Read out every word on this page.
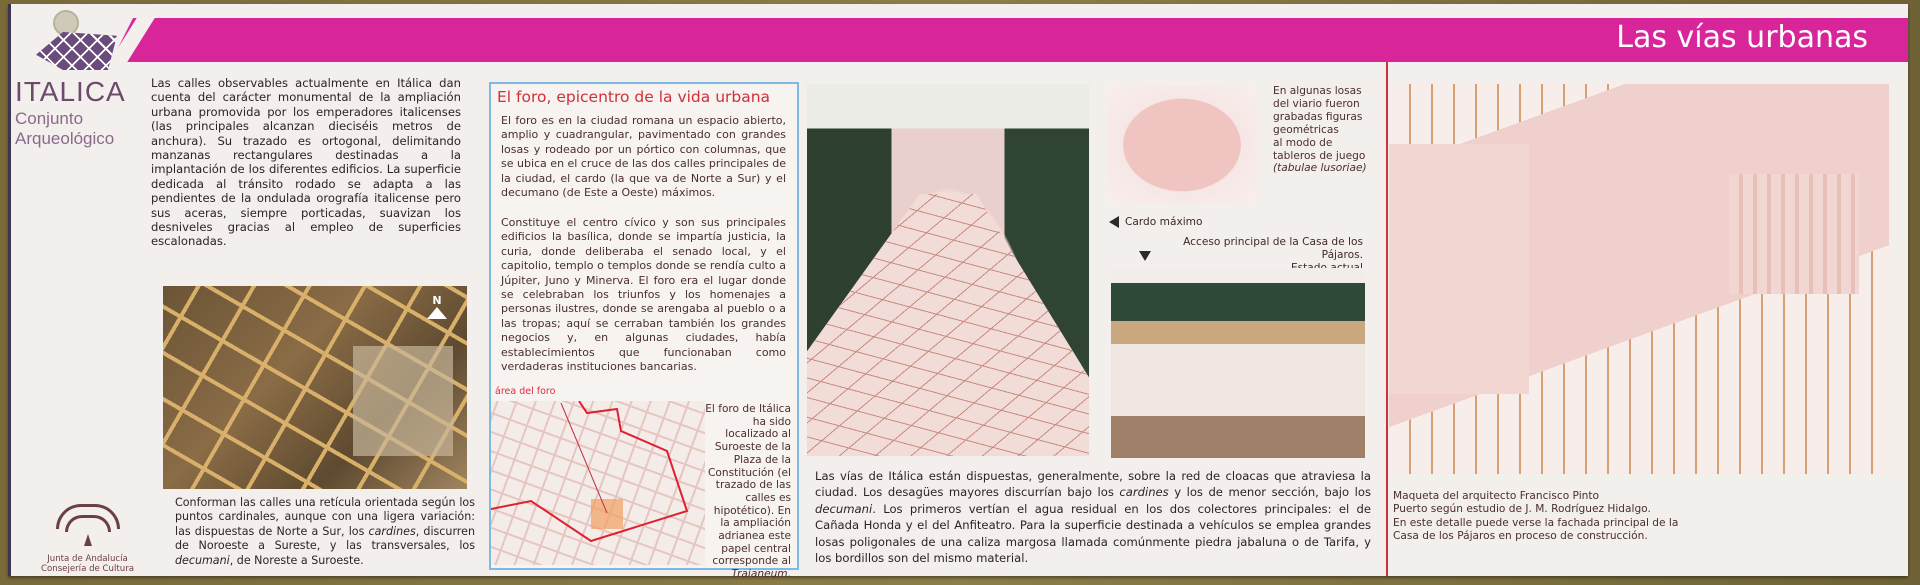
Las vías urbanas
ITALICA
Conjunto
Arqueológico
Las calles observables actualmente en Itálica dan cuenta del carácter monumental de la ampliación urbana promovida por los emperadores italicenses (las principales alcanzan dieciséis metros de anchura). Su trazado es ortogonal, delimitando manzanas rectangulares destinadas a la implantación de los diferentes edificios. La superficie dedicada al tránsito rodado se adapta a las pendientes de la ondulada orografía italicense pero sus aceras, siempre porticadas, suavizan los desniveles gracias al empleo de superficies escalonadas.
N
Conforman las calles una retícula orientada según los puntos cardinales, aunque con una ligera variación: las dispuestas de Norte a Sur, los cardines, discurren de Noroeste a Sureste, y las transversales, los decumani, de Noreste a Suroeste.
Junta de Andalucía
Consejería de Cultura
El foro, epicentro de la vida urbana
El foro es en la ciudad romana un espacio abierto, amplio y cuadrangular, pavimentado con grandes losas y rodeado por un pórtico con columnas, que se ubica en el cruce de las dos calles principales de la ciudad, el cardo (la que va de Norte a Sur) y el decumano (de Este a Oeste) máximos.
Constituye el centro cívico y son sus principales edificios la basílica, donde se impartía justicia, la curia, donde deliberaba el senado local, y el capitolio, templo o templos donde se rendía culto a Júpiter, Juno y Minerva. El foro era el lugar donde se celebraban los triunfos y los homenajes a personas ilustres, donde se arengaba al pueblo o a las tropas; aquí se cerraban también los grandes negocios y, en algunas ciudades, había establecimientos que funcionaban como verdaderas instituciones bancarias.
área del foro
El foro de Itálica ha sido localizado al Suroeste de la Plaza de la Constitución (el trazado de las calles es hipotético). En la ampliación adrianea este papel central corresponde al Traianeum.
Las vías de Itálica están dispuestas, generalmente, sobre la red de cloacas que atraviesa la ciudad. Los desagües mayores discurrían bajo los cardines y los de menor sección, bajo los decumani. Los primeros vertían el agua residual en los dos colectores principales: el de Cañada Honda y el del Anfiteatro. Para la superficie destinada a vehículos se emplea grandes losas poligonales de una caliza margosa llamada comúnmente piedra jabaluna o de Tarifa, y los bordillos son del mismo material.
En algunas losas
del viario fueron
grabadas figuras
geométricas
al modo de
tableros de juego
(tabulae lusoriae)
Cardo máximo
Acceso principal de la Casa de los Pájaros.
Maqueta del arquitecto Francisco Pinto
Puerto según estudio de J. M. Rodríguez Hidalgo.
En este detalle puede verse la fachada principal de la
Casa de los Pájaros en proceso de construcción.
